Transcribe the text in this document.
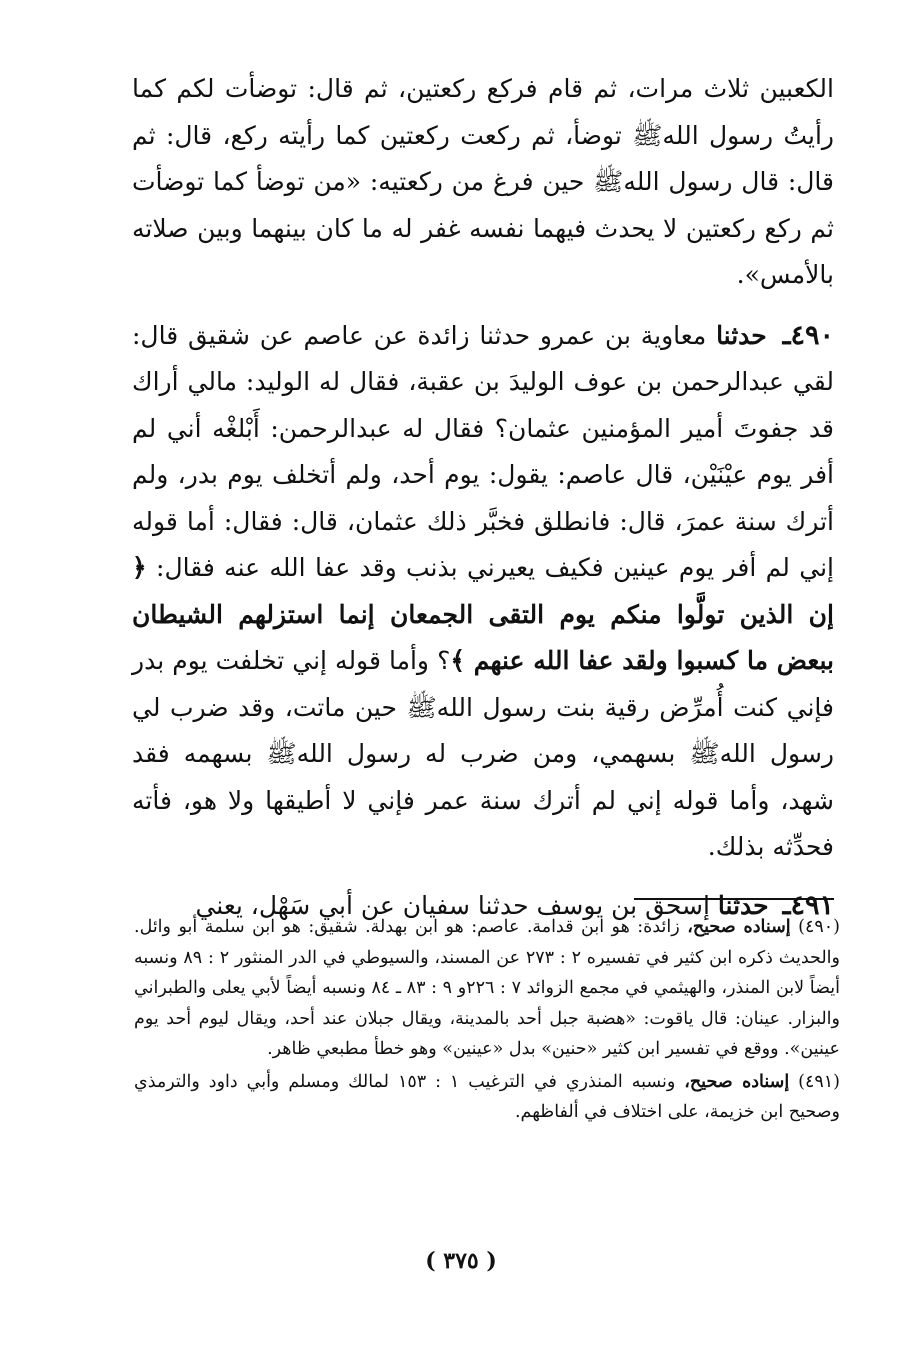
الكعبين ثلاث مرات، ثم قام فركع ركعتين، ثم قال: توضأت لكم كما رأيتُ رسول اللهﷺ توضأ، ثم ركعت ركعتين كما رأيته ركع، قال: ثم قال: قال رسول اللهﷺ حين فرغ من ركعتيه: «من توضأ كما توضأت ثم ركع ركعتين لا يحدث فيهما نفسه غفر له ما كان بينهما وبين صلاته بالأمس».

٤٩٠ـ حدثنا معاوية بن عمرو حدثنا زائدة عن عاصم عن شقيق قال: لقي عبدالرحمن بن عوف الوليدَ بن عقبة، فقال له الوليد: مالي أراك قد جفوتَ أمير المؤمنين عثمان؟ فقال له عبدالرحمن: أَبْلغْه أني لم أفر يوم عيْنَيْن، قال عاصم: يقول: يوم أحد، ولم أتخلف يوم بدر، ولم أترك سنة عمرَ، قال: فانطلق فخبَّر ذلك عثمان، قال: فقال: أما قوله إني لم أفر يوم عينين فكيف يعيرني بذنب وقد عفا الله عنه فقال: ﴿ إن الذين تولَّوا منكم يوم التقى الجمعان إنما استزلهم الشيطان ببعض ما كسبوا ولقد عفا الله عنهم ﴾؟ وأما قوله إني تخلفت يوم بدر فإني كنت أُمرِّض رقية بنت رسول اللهﷺ حين ماتت، وقد ضرب لي رسول اللهﷺ بسهمي، ومن ضرب له رسول اللهﷺ بسهمه فقد شهد، وأما قوله إني لم أترك سنة عمر فإني لا أطيقها ولا هو، فأته فحدِّثه بذلك.

٤٩١ـ حدثنا إسحق بن يوسف حدثنا سفيان عن أبي سَهْل، يعني

(٤٩٠) إسناده صحيح، زائدة: هو ابن قدامة. عاصم: هو ابن بهدلة. شقيق: هو ابن سلمة أبو وائل. والحديث ذكره ابن كثير في تفسيره ٢ : ٢٧٣ عن المسند، والسيوطي في الدر المنثور ٢ : ٨٩ ونسبه أيضاً لابن المنذر، والهيثمي في مجمع الزوائد ٧ : ٢٢٦و ٩ : ٨٣ ـ ٨٤ ونسبه أيضاً لأبي يعلى والطبراني والبزار. عينان: قال ياقوت: «هضبة جبل أحد بالمدينة، ويقال جبلان عند أحد، ويقال ليوم أحد يوم عينين». ووقع في تفسير ابن كثير «حنين» بدل «عينين» وهو خطأ مطبعي ظاهر.

(٤٩١) إسناده صحيح، ونسبه المنذري في الترغيب ١ : ١٥٣ لمالك ومسلم وأبي داود والترمذي وصحيح ابن خزيمة، على اختلاف في ألفاظهم.

( ٣٧٥ )
